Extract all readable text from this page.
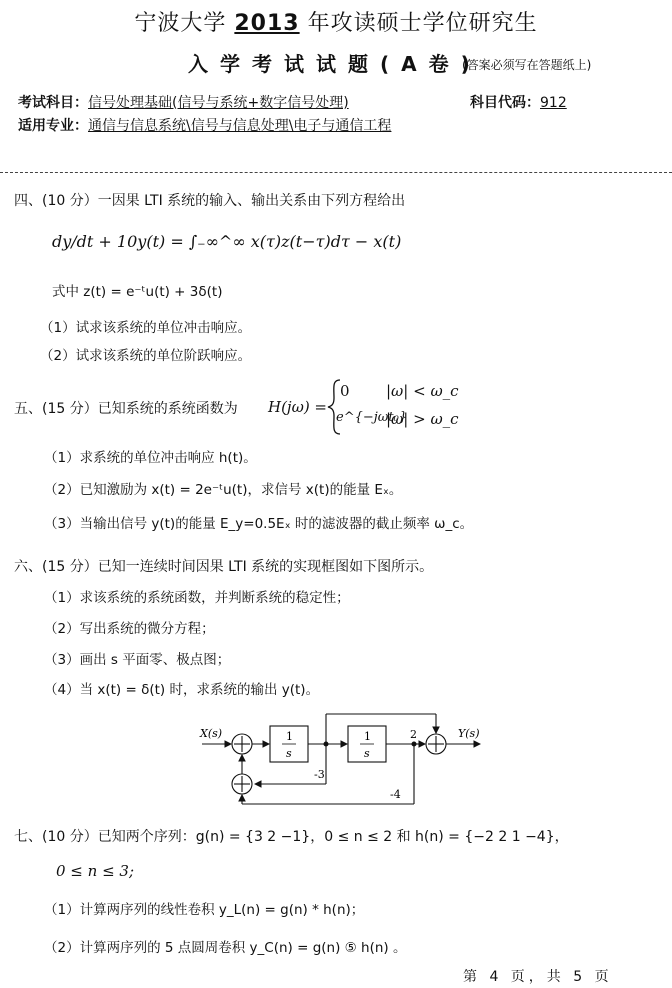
宁波大学 2013 年攻读硕士学位研究生
入学考试试题(A卷)
(答案必须写在答题纸上)
考试科目：信号处理基础(信号与系统+数字信号处理)	科目代码：912
适用专业：通信与信息系统\信号与信息处理\电子与通信工程
四、(10 分）一因果 LTI 系统的输入、输出关系由下列方程给出
dy/dt + 10y(t) = ∫₋∞^∞ x(τ)z(t−τ)dτ − x(t)
式中 z(t) = e⁻ᵗu(t) + 3δ(t)
（1）试求该系统的单位冲击响应。
（2）试求该系统的单位阶跃响应。
五、(15 分）已知系统的系统函数为 H(jω) =
0 |ω| < ω_c
e^{−jωt₀}
|ω| > ω_c
（1）求系统的单位冲击响应 h(t)。
（2）已知激励为 x(t) = 2e⁻ᵗu(t)，求信号 x(t)的能量 Eₓ。
（3）当输出信号 y(t)的能量 E_y=0.5Eₓ 时的滤波器的截止频率 ω_c。
六、(15 分）已知一连续时间因果 LTI 系统的实现框图如下图所示。
（1）求该系统的系统函数，并判断系统的稳定性；
（2）写出系统的微分方程；
（3）画出 s 平面零、极点图；
（4）当 x(t) = δ(t) 时，求系统的输出 y(t)。
X(s)	Y(s)
1
s
1
s
2
-3
-4
七、(10 分）已知两个序列：g(n) = {3 2 −1}，0 ≤ n ≤ 2 和 h(n) = {−2 2 1 −4}，
0 ≤ n ≤ 3;
（1）计算两序列的线性卷积 y_L(n) = g(n) * h(n)；
（2）计算两序列的 5 点圆周卷积 y_C(n) = g(n) ⑤ h(n) 。
第 4 页，共 5 页
